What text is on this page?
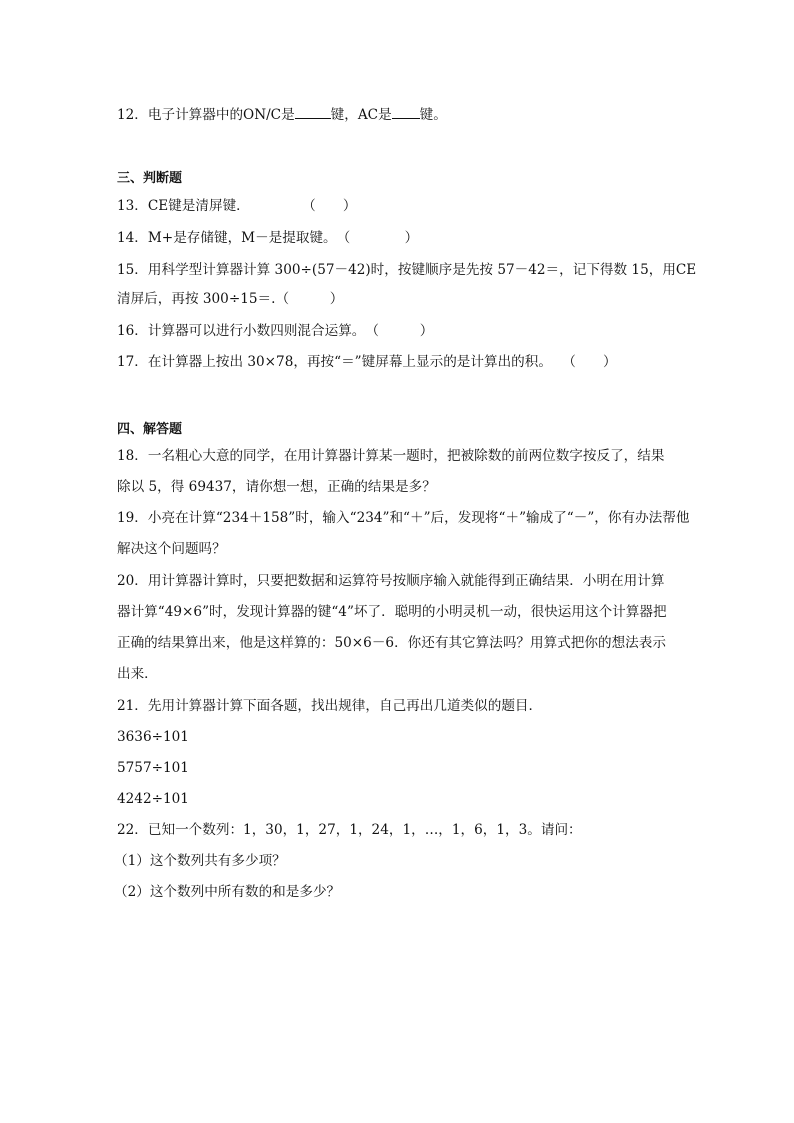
12．电子计算器中的ON/C是	键，AC是 键。
三、判断题
13．CE键是清屏键．	（　　）
14．M+是存储键，M－是提取键。（　　　　）
15．用科学型计算器计算 300÷(57－42)时，按键顺序是先按 57－42＝，记下得数 15，用CE
清屏后，再按 300÷15＝.（　　　）
16．计算器可以进行小数四则混合运算。（　　　）
17．在计算器上按出 30×78，再按“＝”键屏幕上显示的是计算出的积。 （　　）
四、解答题
18．一名粗心大意的同学，在用计算器计算某一题时，把被除数的前两位数字按反了，结果
除以 5，得 69437，请你想一想，正确的结果是多？
19．小亮在计算“234＋158”时，输入“234”和“＋”后，发现将“＋”输成了“－”，你有办法帮他
解决这个问题吗？
20．用计算器计算时，只要把数据和运算符号按顺序输入就能得到正确结果．小明在用计算
器计算“49×6”时，发现计算器的键“4”坏了．聪明的小明灵机一动，很快运用这个计算器把
正确的结果算出来，他是这样算的：50×6－6．你还有其它算法吗？用算式把你的想法表示
出来．
21．先用计算器计算下面各题，找出规律，自己再出几道类似的题目．
3636÷101
5757÷101
4242÷101
22．已知一个数列：1，30，1，27，1，24，1，…，1，6，1，3。请问：
（1）这个数列共有多少项？
（2）这个数列中所有数的和是多少？
